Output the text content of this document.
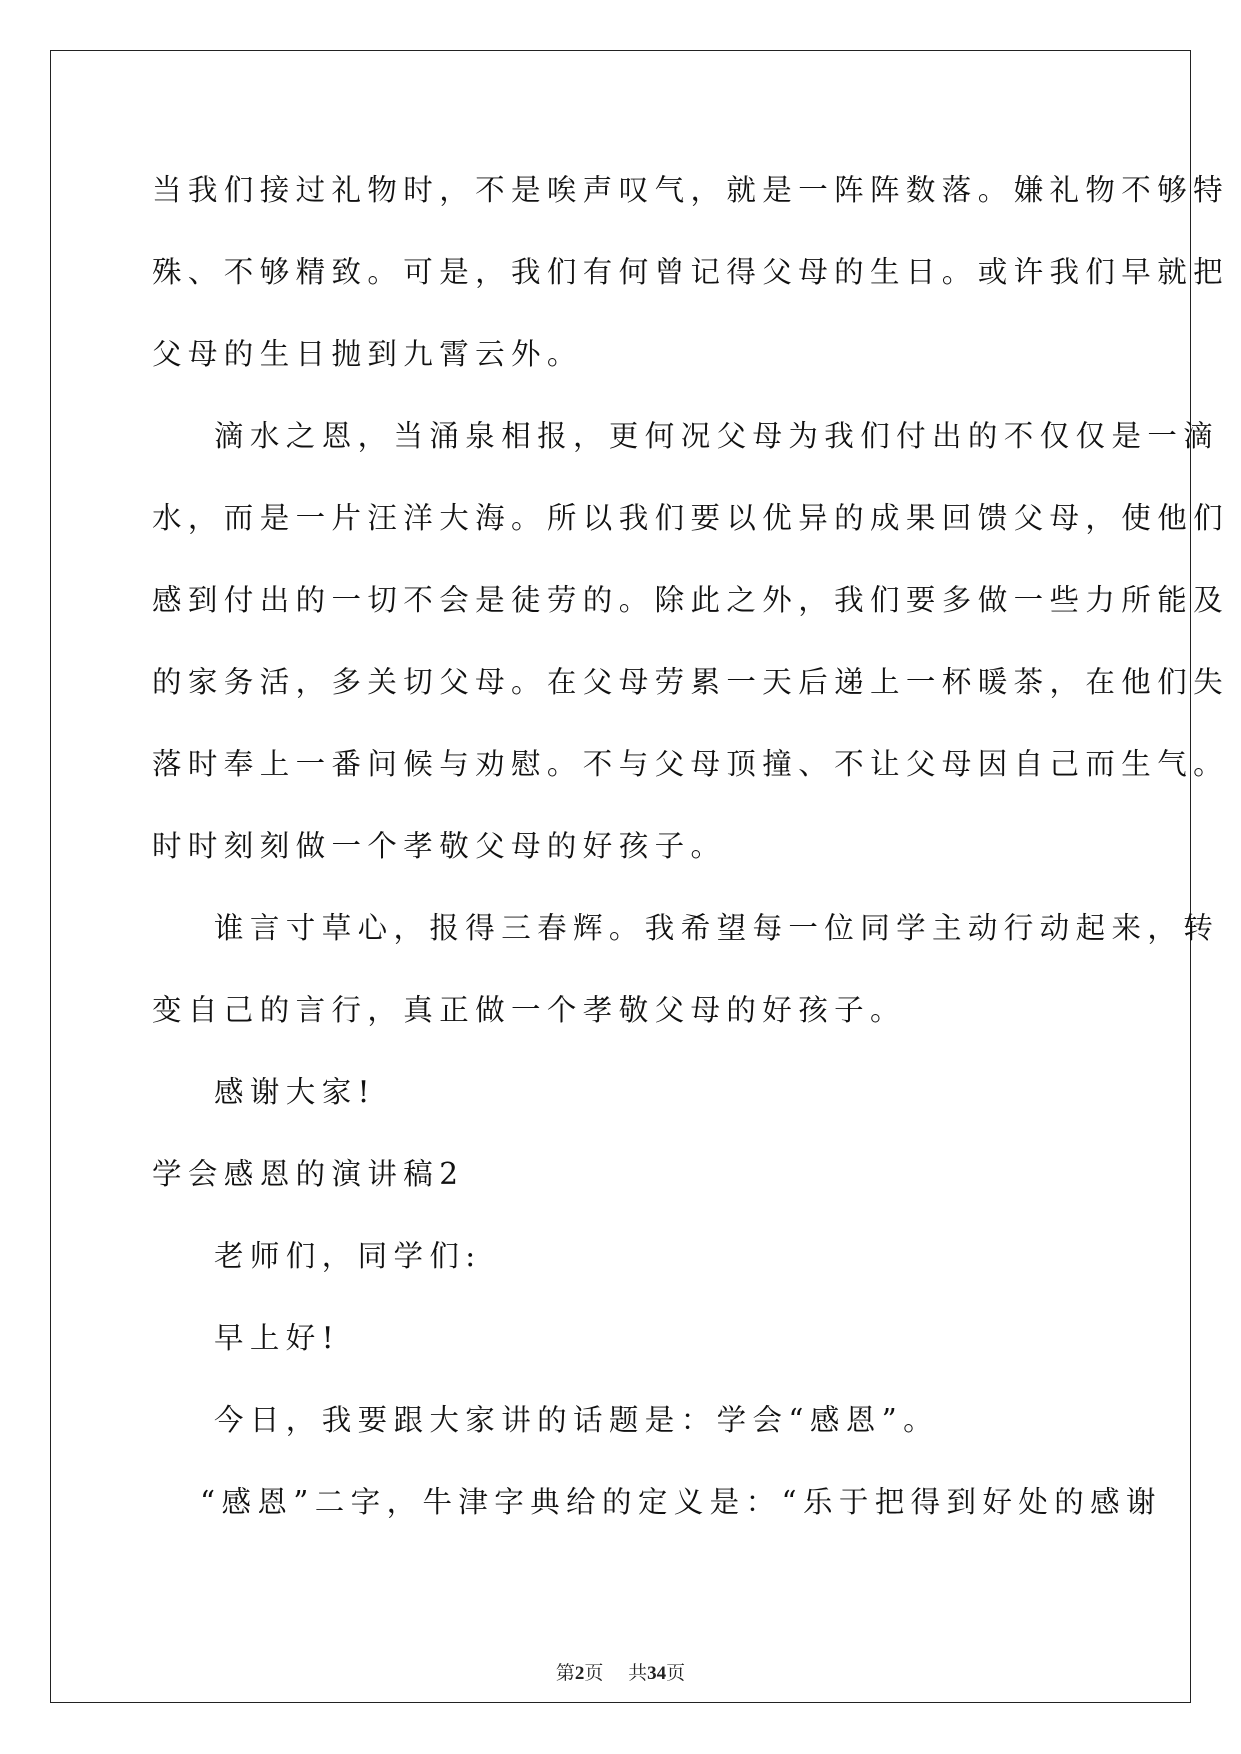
当我们接过礼物时，不是唉声叹气，就是一阵阵数落。嫌礼物不够特
殊、不够精致。可是，我们有何曾记得父母的生日。或许我们早就把
父母的生日抛到九霄云外。
滴水之恩，当涌泉相报，更何况父母为我们付出的不仅仅是一滴
水，而是一片汪洋大海。所以我们要以优异的成果回馈父母，使他们
感到付出的一切不会是徒劳的。除此之外，我们要多做一些力所能及
的家务活，多关切父母。在父母劳累一天后递上一杯暖茶，在他们失
落时奉上一番问候与劝慰。不与父母顶撞、不让父母因自己而生气。
时时刻刻做一个孝敬父母的好孩子。
谁言寸草心，报得三春辉。我希望每一位同学主动行动起来，转
变自己的言行，真正做一个孝敬父母的好孩子。
感谢大家!
学会感恩的演讲稿2
老师们，同学们:
早上好!
今日，我要跟大家讲的话题是：学会“感恩”。
“感恩”二字，牛津字典给的定义是：“乐于把得到好处的感谢
第2页 共34页
